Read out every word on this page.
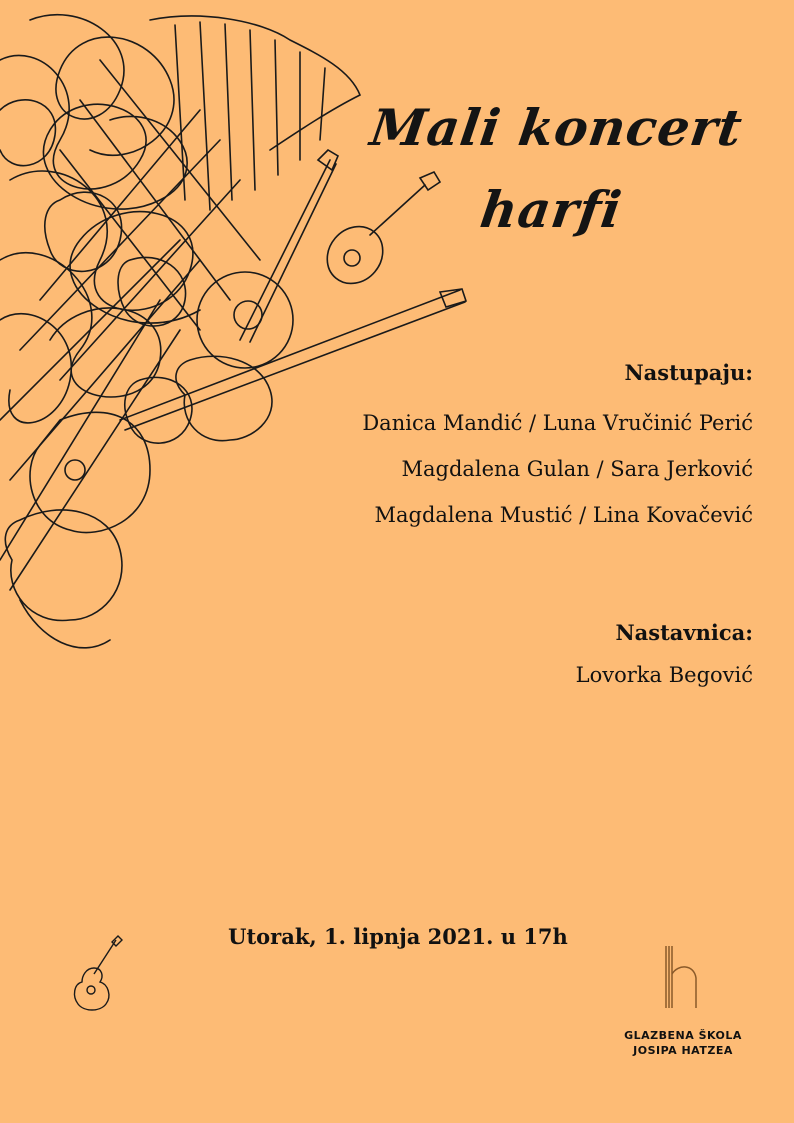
Mali koncert
harfi
Nastupaju:
Danica Mandić / Luna Vručinić Perić
Magdalena Gulan / Sara Jerković
Magdalena Mustić / Lina Kovačević
Nastavnica:
Lovorka Begović
Utorak, 1. lipnja 2021. u 17h
GLAZBENA ŠKOLA
JOSIPA HATZEA
